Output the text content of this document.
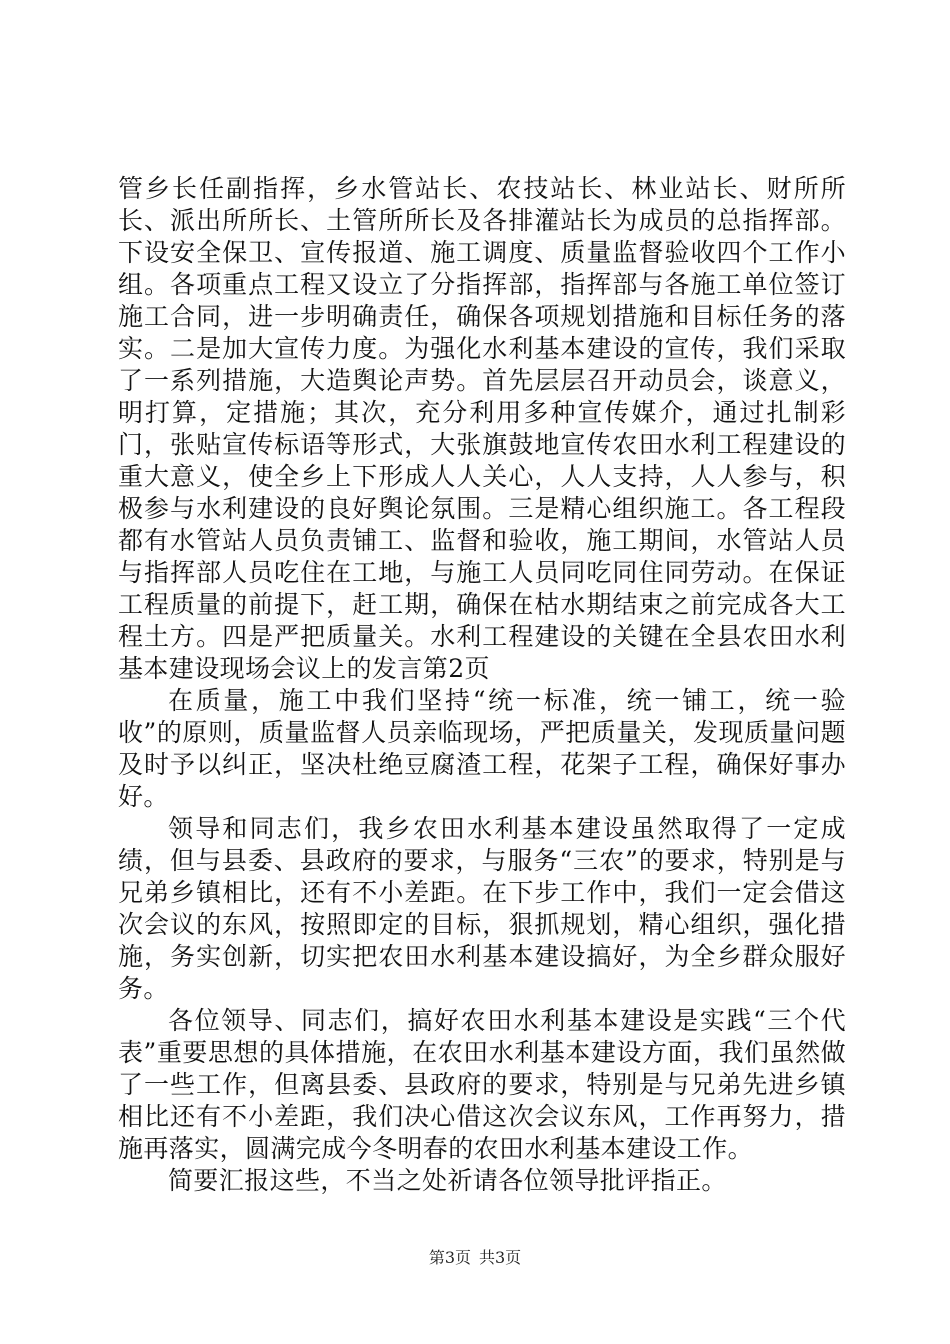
管乡长任副指挥，乡水管站长、农技站长、林业站长、财所所长、派出所所长、土管所所长及各排灌站长为成员的总指挥部。下设安全保卫、宣传报道、施工调度、质量监督验收四个工作小组。各项重点工程又设立了分指挥部，指挥部与各施工单位签订施工合同，进一步明确责任，确保各项规划措施和目标任务的落实。二是加大宣传力度。为强化水利基本建设的宣传，我们采取了一系列措施，大造舆论声势。首先层层召开动员会，谈意义，明打算，定措施；其次，充分利用多种宣传媒介，通过扎制彩门，张贴宣传标语等形式，大张旗鼓地宣传农田水利工程建设的重大意义，使全乡上下形成人人关心，人人支持，人人参与，积极参与水利建设的良好舆论氛围。三是精心组织施工。各工程段都有水管站人员负责铺工、监督和验收，施工期间，水管站人员与指挥部人员吃住在工地，与施工人员同吃同住同劳动。在保证工程质量的前提下，赶工期，确保在枯水期结束之前完成各大工程土方。四是严把质量关。水利工程建设的关键在全县农田水利基本建设现场会议上的发言第2页

在质量，施工中我们坚持“统一标准，统一铺工，统一验收”的原则，质量监督人员亲临现场，严把质量关，发现质量问题及时予以纠正，坚决杜绝豆腐渣工程，花架子工程，确保好事办好。

领导和同志们，我乡农田水利基本建设虽然取得了一定成绩，但与县委、县政府的要求，与服务“三农”的要求，特别是与兄弟乡镇相比，还有不小差距。在下步工作中，我们一定会借这次会议的东风，按照即定的目标，狠抓规划，精心组织，强化措施，务实创新，切实把农田水利基本建设搞好，为全乡群众服好务。

各位领导、同志们，搞好农田水利基本建设是实践“三个代表”重要思想的具体措施，在农田水利基本建设方面，我们虽然做了一些工作，但离县委、县政府的要求，特别是与兄弟先进乡镇相比还有不小差距，我们决心借这次会议东风，工作再努力，措施再落实，圆满完成今冬明春的农田水利基本建设工作。

简要汇报这些，不当之处祈请各位领导批评指正。

第3页 共3页
